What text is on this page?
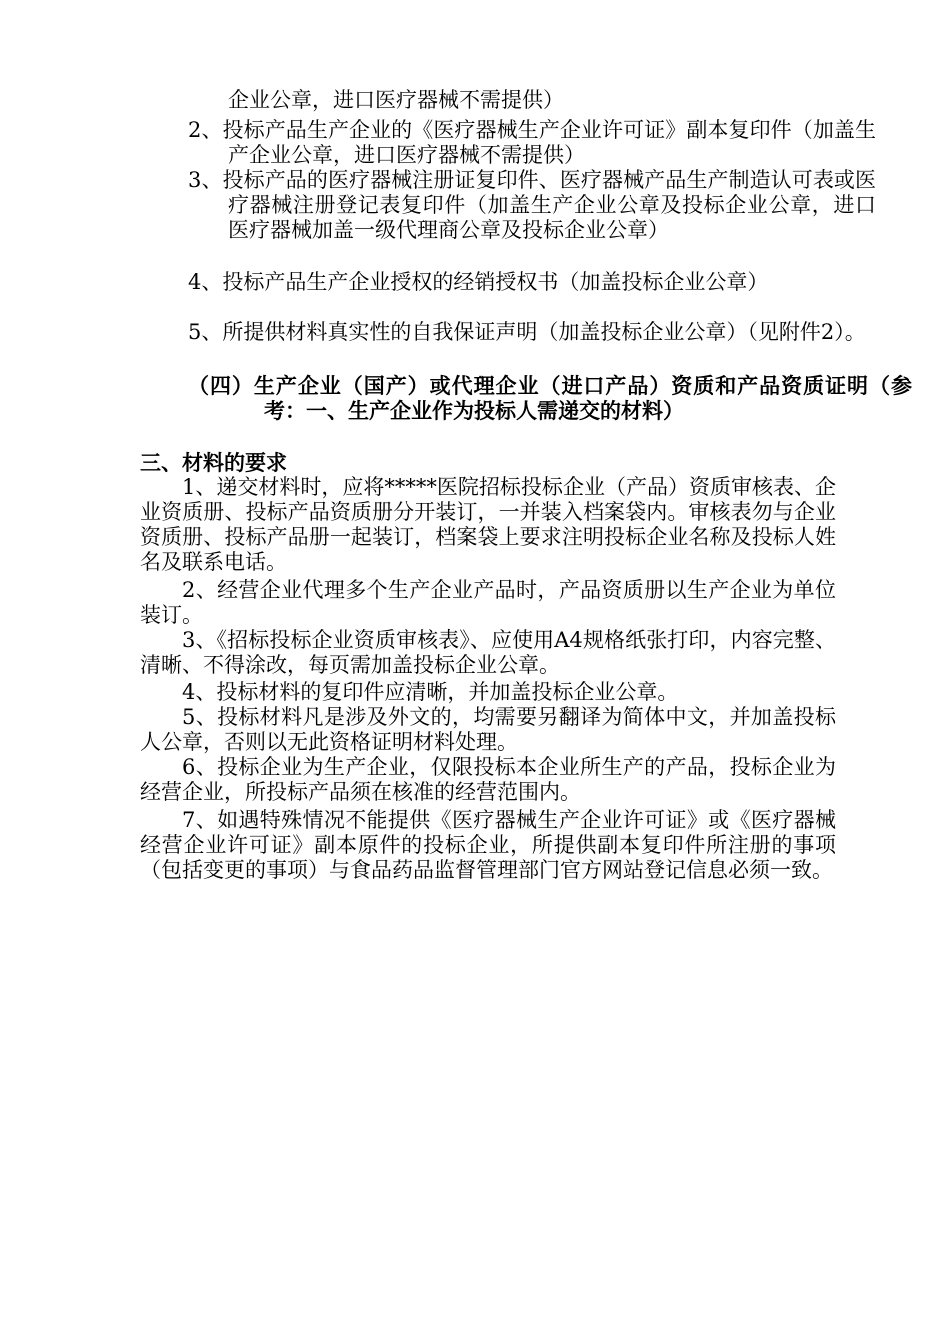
企业公章，进口医疗器械不需提供）

2、投标产品生产企业的《医疗器械生产企业许可证》副本复印件（加盖生产企业公章，进口医疗器械不需提供）

3、投标产品的医疗器械注册证复印件、医疗器械产品生产制造认可表或医疗器械注册登记表复印件（加盖生产企业公章及投标企业公章，进口医疗器械加盖一级代理商公章及投标企业公章）

4、投标产品生产企业授权的经销授权书（加盖投标企业公章）

5、所提供材料真实性的自我保证声明（加盖投标企业公章）（见附件2）。

（四）生产企业（国产）或代理企业（进口产品）资质和产品资质证明（参考：一、生产企业作为投标人需递交的材料）

三、材料的要求

1、递交材料时，应将*****医院招标投标企业（产品）资质审核表、企业资质册、投标产品资质册分开装订，一并装入档案袋内。审核表勿与企业资质册、投标产品册一起装订，档案袋上要求注明投标企业名称及投标人姓名及联系电话。

2、经营企业代理多个生产企业产品时，产品资质册以生产企业为单位装订。

3、《招标投标企业资质审核表》、应使用A4规格纸张打印，内容完整、清晰、不得涂改，每页需加盖投标企业公章。

4、投标材料的复印件应清晰，并加盖投标企业公章。

5、投标材料凡是涉及外文的，均需要另翻译为简体中文，并加盖投标人公章，否则以无此资格证明材料处理。

6、投标企业为生产企业，仅限投标本企业所生产的产品，投标企业为经营企业，所投标产品须在核准的经营范围内。

7、如遇特殊情况不能提供《医疗器械生产企业许可证》或《医疗器械经营企业许可证》副本原件的投标企业，所提供副本复印件所注册的事项（包括变更的事项）与食品药品监督管理部门官方网站登记信息必须一致。
